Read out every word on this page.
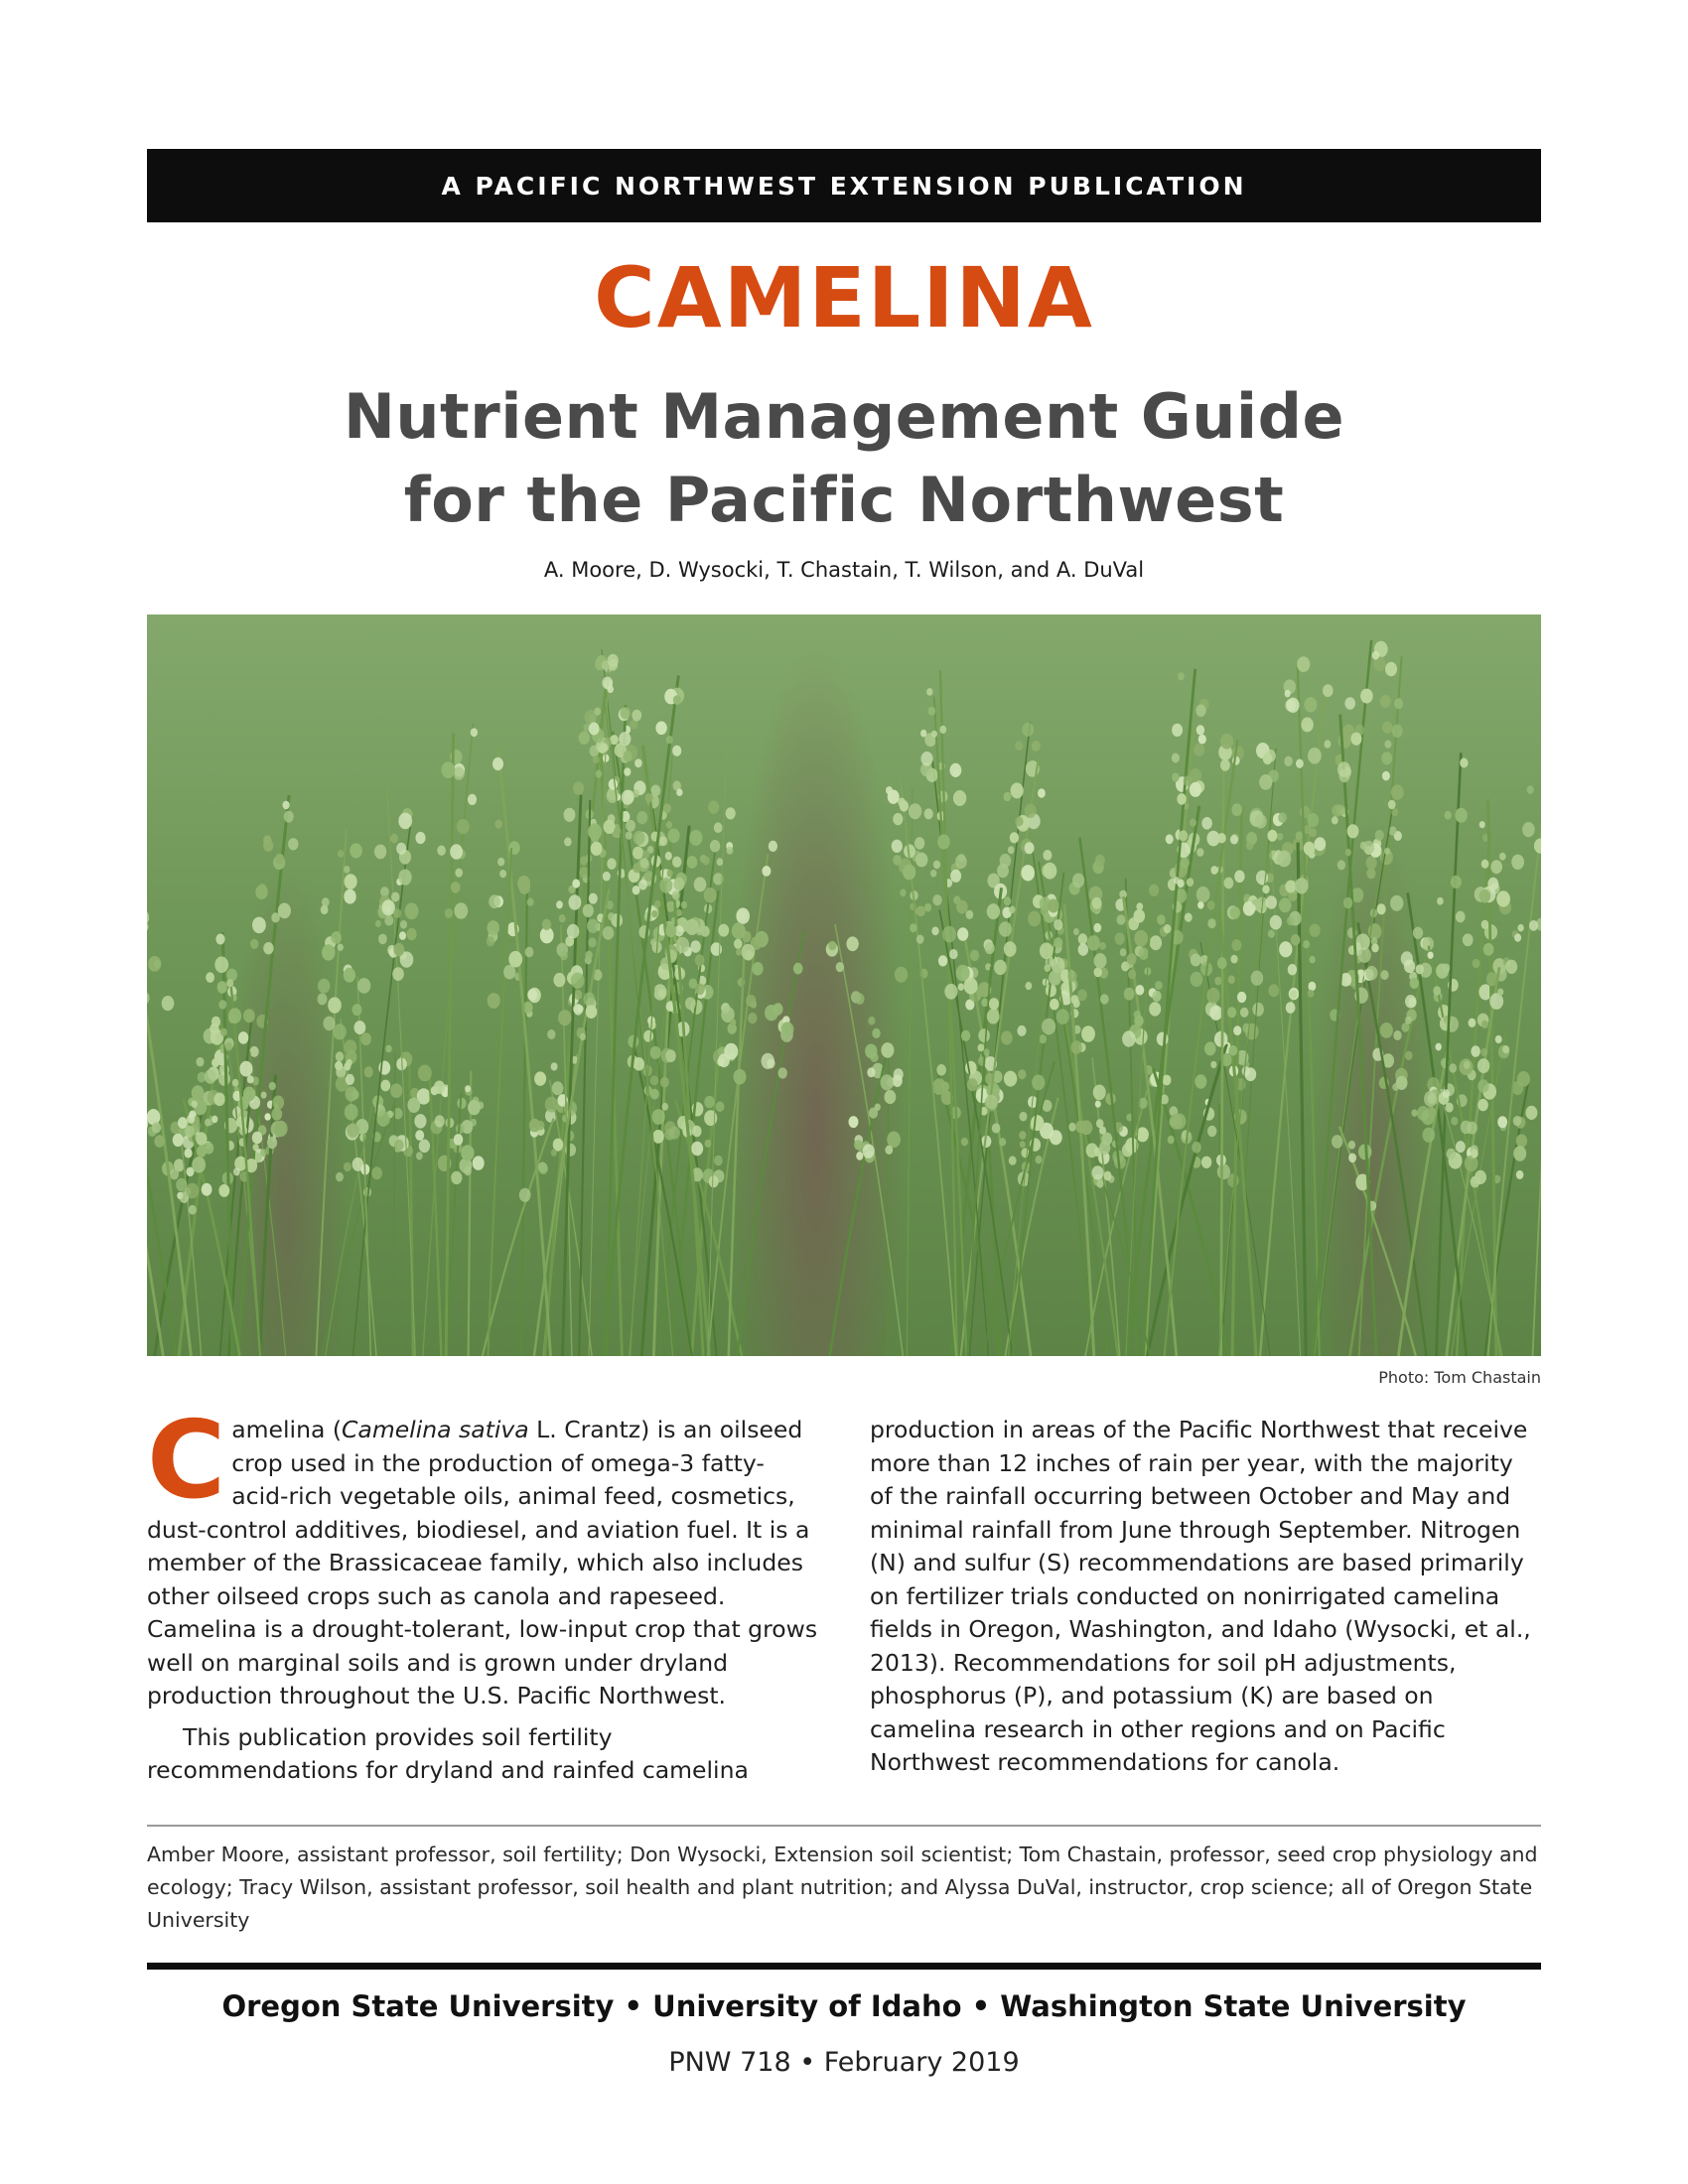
A PACIFIC NORTHWEST EXTENSION PUBLICATION
CAMELINA
Nutrient Management Guide
for the Pacific Northwest
A. Moore, D. Wysocki, T. Chastain, T. Wilson, and A. DuVal
Photo: Tom Chastain

Camelina (Camelina sativa L. Crantz) is an oilseed crop used in the production of omega-3 fatty-acid-rich vegetable oils, animal feed, cosmetics, dust-control additives, biodiesel, and aviation fuel. It is a member of the Brassicaceae family, which also includes other oilseed crops such as canola and rapeseed. Camelina is a drought-tolerant, low-input crop that grows well on marginal soils and is grown under dryland production throughout the U.S. Pacific Northwest.

This publication provides soil fertility recommendations for dryland and rainfed camelina

production in areas of the Pacific Northwest that receive more than 12 inches of rain per year, with the majority of the rainfall occurring between October and May and minimal rainfall from June through September. Nitrogen (N) and sulfur (S) recommendations are based primarily on fertilizer trials conducted on nonirrigated camelina fields in Oregon, Washington, and Idaho (Wysocki, et al., 2013). Recommendations for soil pH adjustments, phosphorus (P), and potassium (K) are based on camelina research in other regions and on Pacific Northwest recommendations for canola.

Amber Moore, assistant professor, soil fertility; Don Wysocki, Extension soil scientist; Tom Chastain, professor, seed crop physiology and ecology; Tracy Wilson, assistant professor, soil health and plant nutrition; and Alyssa DuVal, instructor, crop science; all of Oregon State University
Oregon State University • University of Idaho • Washington State University
PNW 718 • February 2019
